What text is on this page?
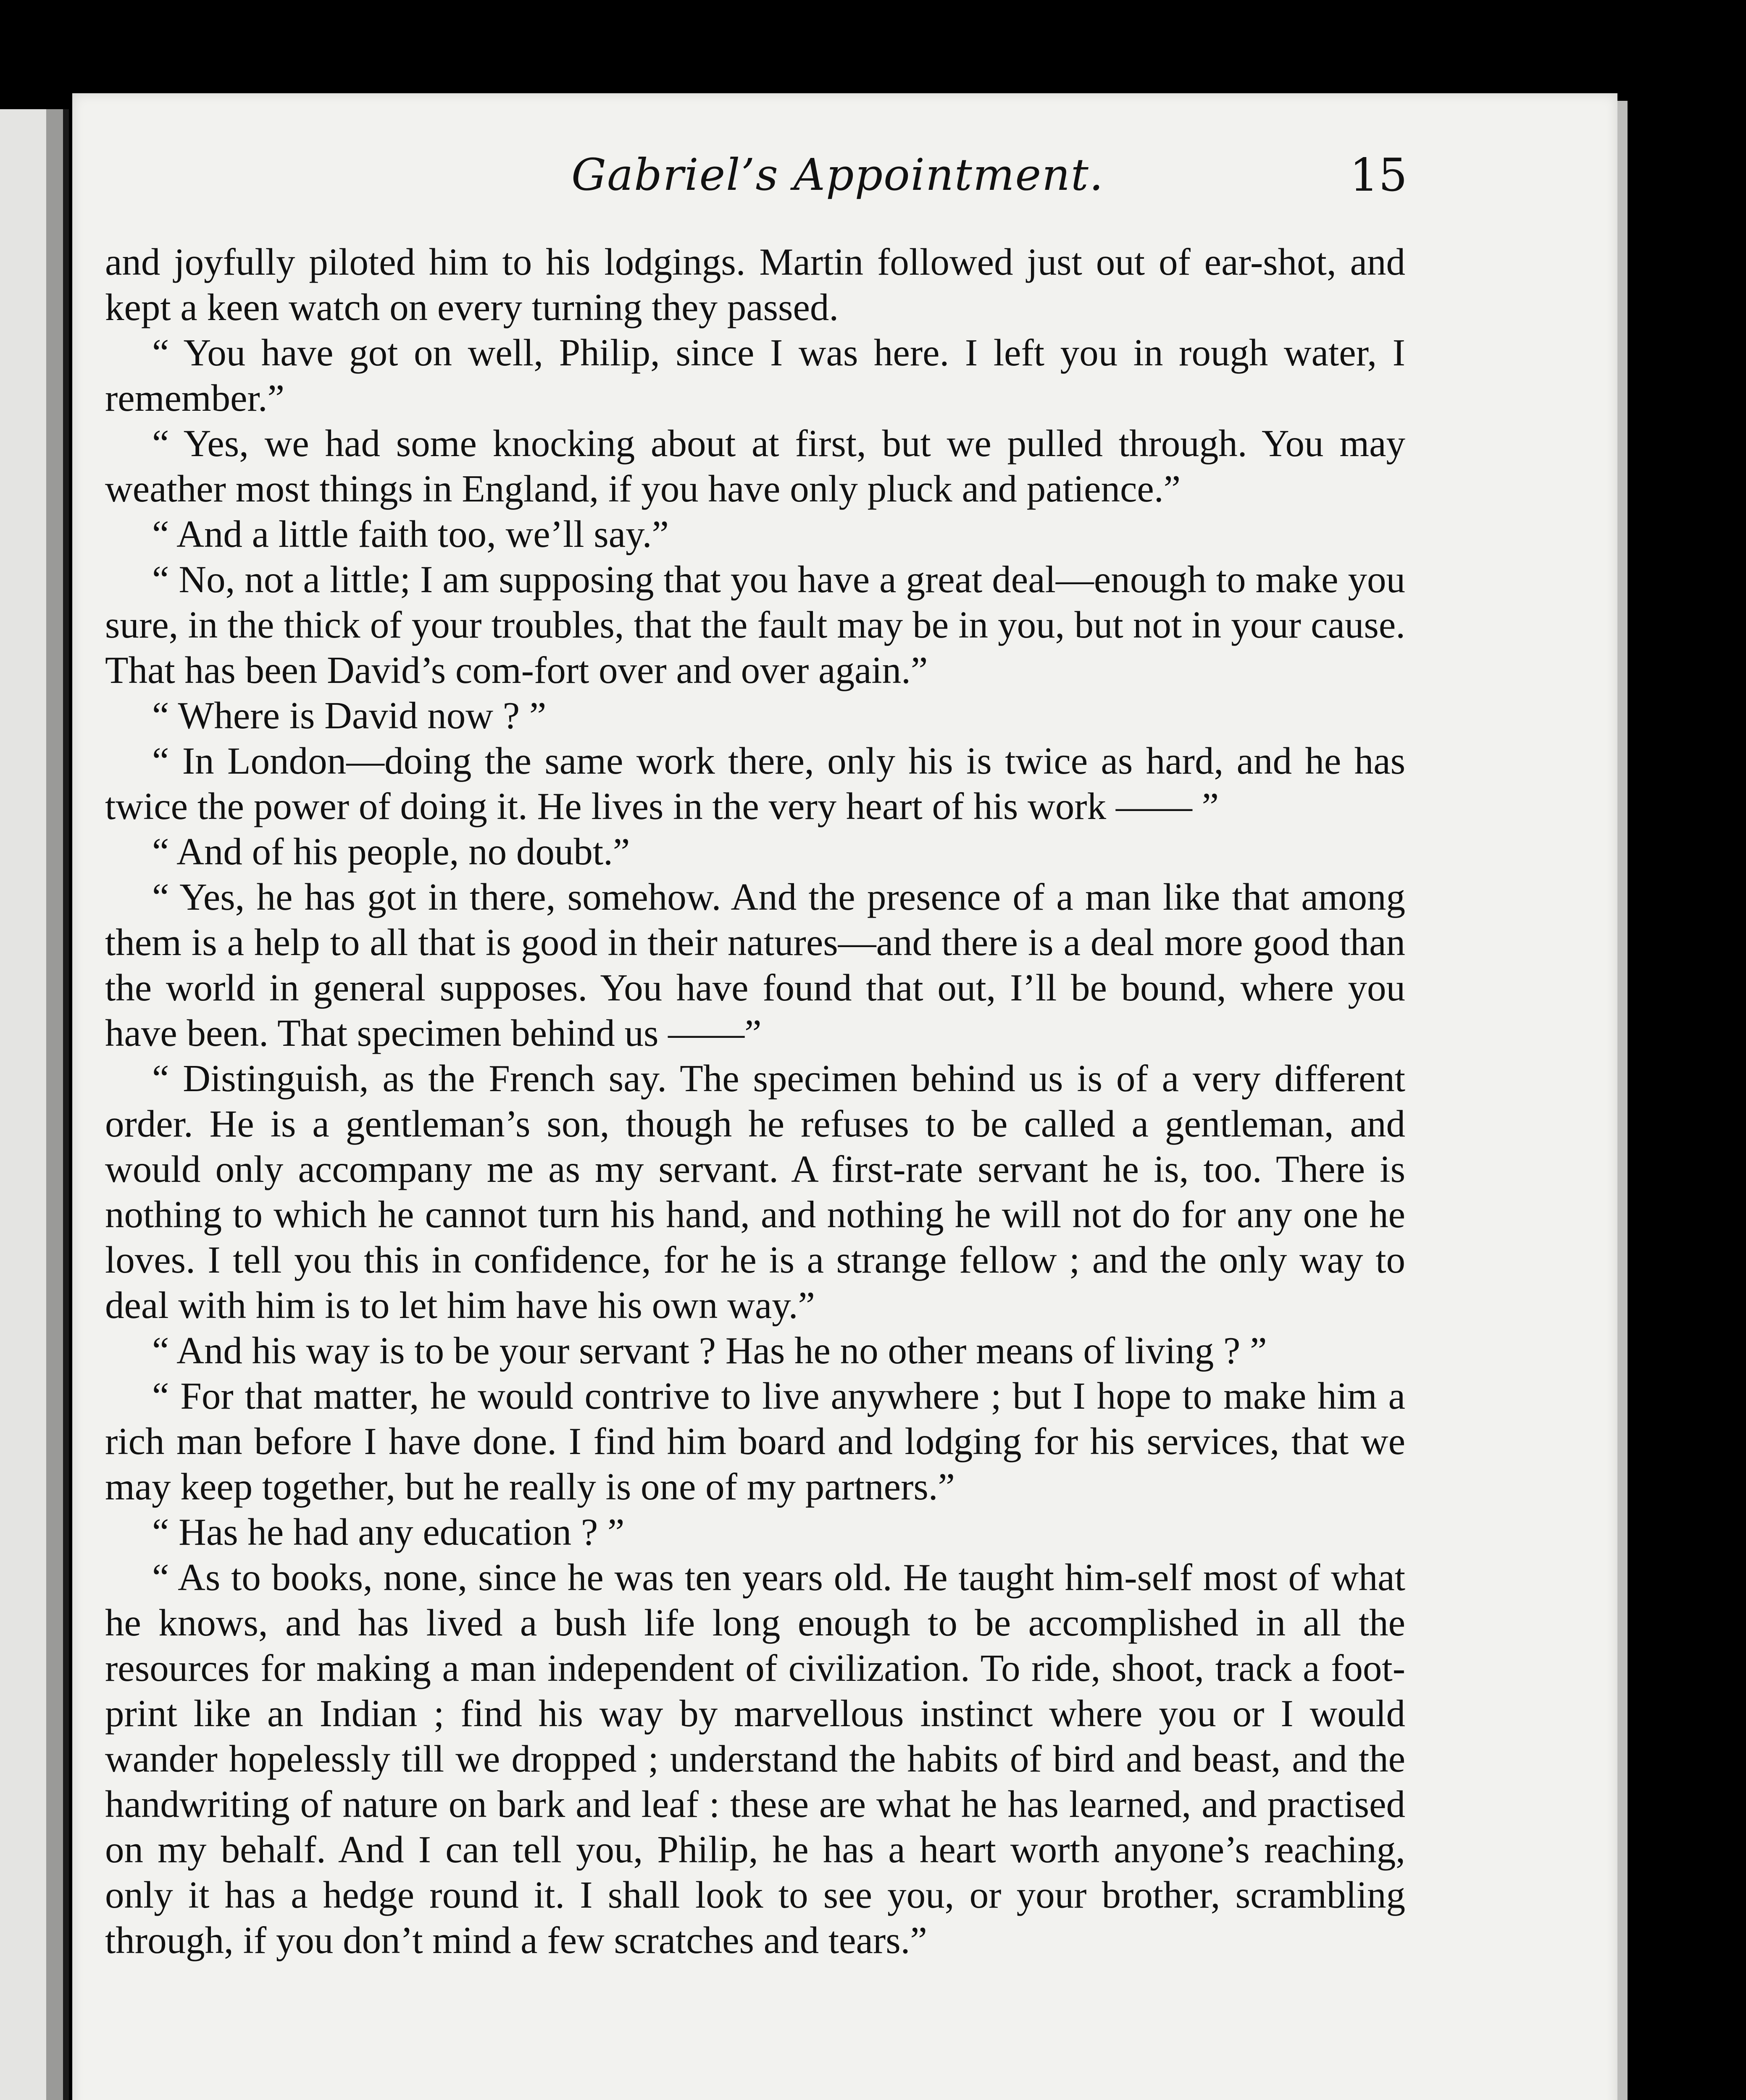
Gabriel’s Appointment.	15

and joyfully piloted him to his lodgings. Martin followed just out of ear-shot, and kept a keen watch on every turning they passed.

“ You have got on well, Philip, since I was here. I left you in rough water, I remember.”

“ Yes, we had some knocking about at first, but we pulled through. You may weather most things in England, if you have only pluck and patience.”

“ And a little faith too, we’ll say.”

“ No, not a little; I am supposing that you have a great deal—enough to make you sure, in the thick of your troubles, that the fault may be in you, but not in your cause. That has been David’s com-fort over and over again.”

“ Where is David now ? ”

“ In London—doing the same work there, only his is twice as hard, and he has twice the power of doing it. He lives in the very heart of his work —— ”

“ And of his people, no doubt.”

“ Yes, he has got in there, somehow. And the presence of a man like that among them is a help to all that is good in their natures—and there is a deal more good than the world in general supposes. You have found that out, I’ll be bound, where you have been. That specimen behind us ——”

“ Distinguish, as the French say. The specimen behind us is of a very different order. He is a gentleman’s son, though he refuses to be called a gentleman, and would only accompany me as my servant. A first-rate servant he is, too. There is nothing to which he cannot turn his hand, and nothing he will not do for any one he loves. I tell you this in confidence, for he is a strange fellow ; and the only way to deal with him is to let him have his own way.”

“ And his way is to be your servant ? Has he no other means of living ? ”

“ For that matter, he would contrive to live anywhere ; but I hope to make him a rich man before I have done. I find him board and lodging for his services, that we may keep together, but he really is one of my partners.”

“ Has he had any education ? ”

“ As to books, none, since he was ten years old. He taught him-self most of what he knows, and has lived a bush life long enough to be accomplished in all the resources for making a man independent of civilization. To ride, shoot, track a foot-print like an Indian ; find his way by marvellous instinct where you or I would wander hopelessly till we dropped ; understand the habits of bird and beast, and the handwriting of nature on bark and leaf : these are what he has learned, and practised on my behalf. And I can tell you, Philip, he has a heart worth anyone’s reaching, only it has a hedge round it. I shall look to see you, or your brother, scrambling through, if you don’t mind a few scratches and tears.”
